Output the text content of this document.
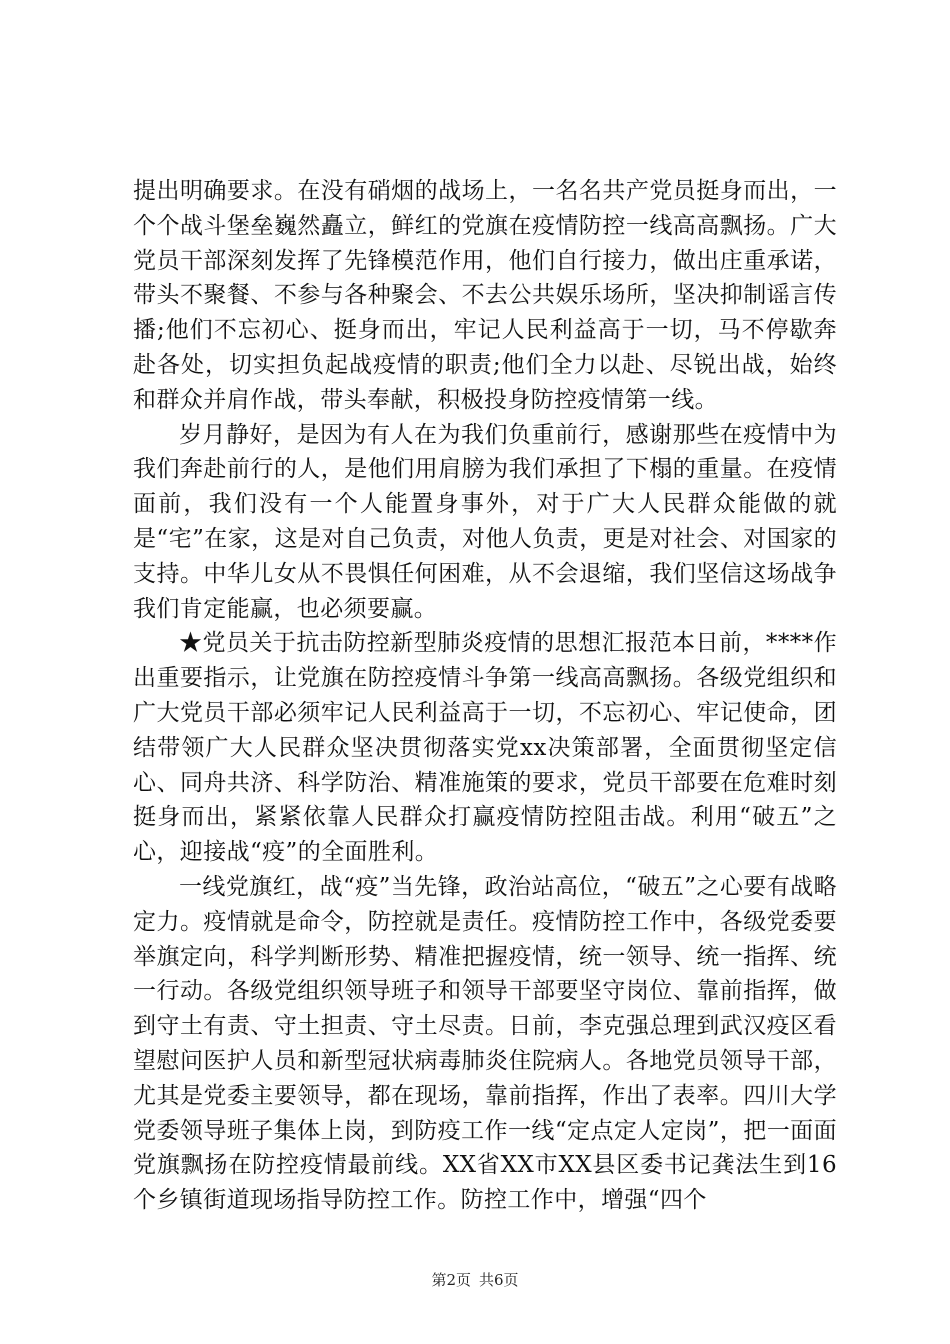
提出明确要求。在没有硝烟的战场上，一名名共产党员挺身而出，一个个战斗堡垒巍然矗立，鲜红的党旗在疫情防控一线高高飘扬。广大党员干部深刻发挥了先锋模范作用，他们自行接力，做出庄重承诺，带头不聚餐、不参与各种聚会、不去公共娱乐场所，坚决抑制谣言传播;他们不忘初心、挺身而出，牢记人民利益高于一切，马不停歇奔赴各处，切实担负起战疫情的职责;他们全力以赴、尽锐出战，始终和群众并肩作战，带头奉献，积极投身防控疫情第一线。

岁月静好，是因为有人在为我们负重前行，感谢那些在疫情中为我们奔赴前行的人，是他们用肩膀为我们承担了下榻的重量。在疫情面前，我们没有一个人能置身事外，对于广大人民群众能做的就是“宅”在家，这是对自己负责，对他人负责，更是对社会、对国家的支持。中华儿女从不畏惧任何困难，从不会退缩，我们坚信这场战争我们肯定能赢，也必须要赢。

★党员关于抗击防控新型肺炎疫情的思想汇报范本日前，****作出重要指示，让党旗在防控疫情斗争第一线高高飘扬。各级党组织和广大党员干部必须牢记人民利益高于一切，不忘初心、牢记使命，团结带领广大人民群众坚决贯彻落实党xx决策部署，全面贯彻坚定信心、同舟共济、科学防治、精准施策的要求，党员干部要在危难时刻挺身而出，紧紧依靠人民群众打赢疫情防控阻击战。利用“破五”之心，迎接战“疫”的全面胜利。

一线党旗红，战“疫”当先锋，政治站高位，“破五”之心要有战略定力。疫情就是命令，防控就是责任。疫情防控工作中，各级党委要举旗定向，科学判断形势、精准把握疫情，统一领导、统一指挥、统一行动。各级党组织领导班子和领导干部要坚守岗位、靠前指挥，做到守土有责、守土担责、守土尽责。日前，李克强总理到武汉疫区看望慰问医护人员和新型冠状病毒肺炎住院病人。各地党员领导干部，尤其是党委主要领导，都在现场，靠前指挥，作出了表率。四川大学党委领导班子集体上岗，到防疫工作一线“定点定人定岗”，把一面面党旗飘扬在防控疫情最前线。XX省XX市XX县区委书记龚法生到16个乡镇街道现场指导防控工作。防控工作中，增强“四个

第2页 共6页
